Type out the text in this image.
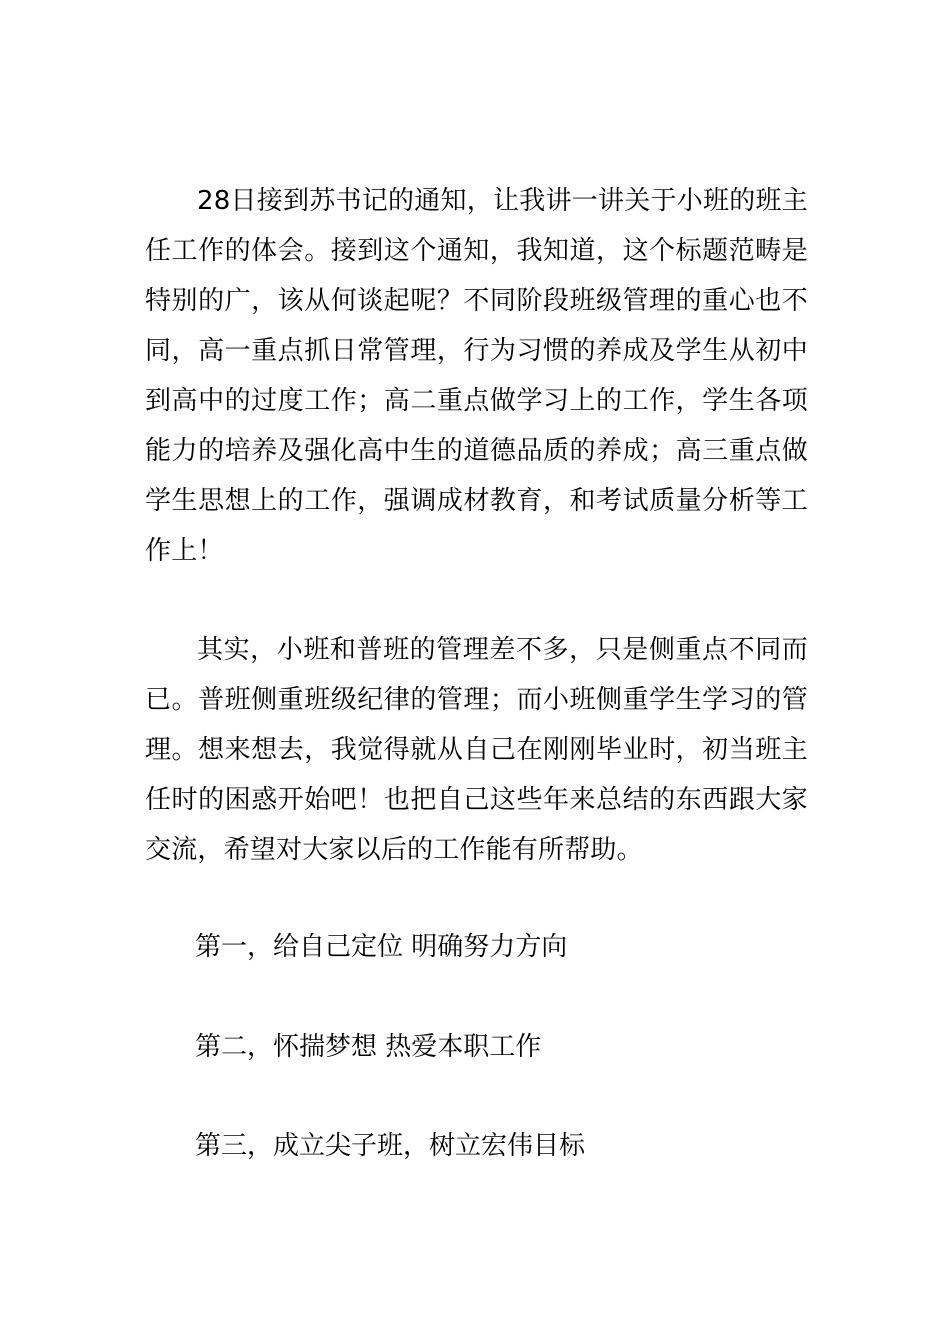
28日接到苏书记的通知，让我讲一讲关于小班的班主任工作的体会。接到这个通知，我知道，这个标题范畴是特别的广，该从何谈起呢？不同阶段班级管理的重心也不同，高一重点抓日常管理，行为习惯的养成及学生从初中到高中的过度工作；高二重点做学习上的工作，学生各项能力的培养及强化高中生的道德品质的养成；高三重点做学生思想上的工作，强调成材教育，和考试质量分析等工作上！

其实，小班和普班的管理差不多，只是侧重点不同而已。普班侧重班级纪律的管理；而小班侧重学生学习的管理。想来想去，我觉得就从自己在刚刚毕业时，初当班主任时的困惑开始吧！也把自己这些年来总结的东西跟大家交流，希望对大家以后的工作能有所帮助。

第一，给自己定位 明确努力方向

第二，怀揣梦想 热爱本职工作

第三，成立尖子班，树立宏伟目标
